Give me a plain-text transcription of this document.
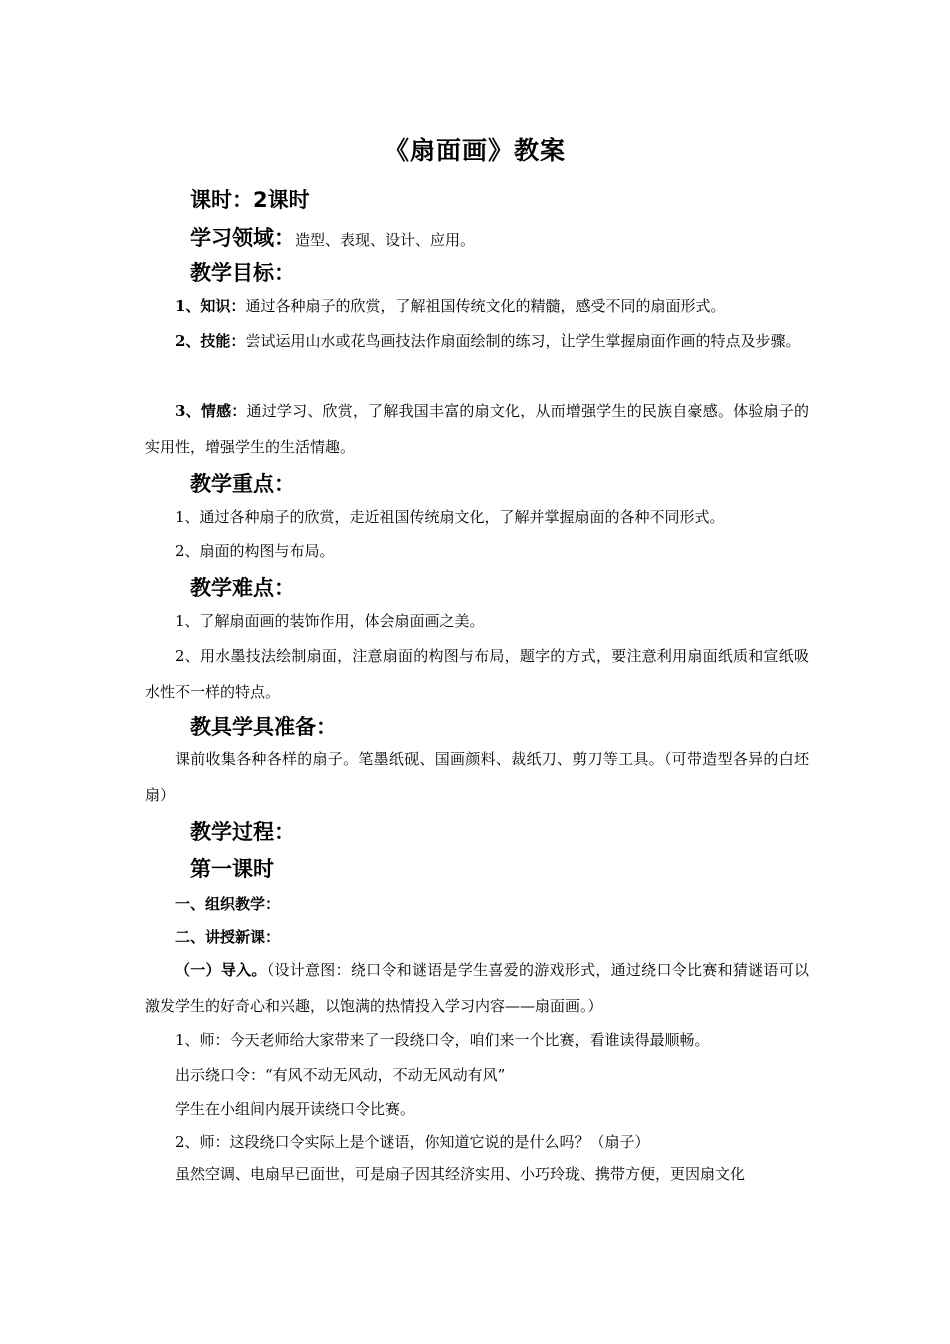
《扇面画》教案
课时：2课时
学习领域：造型、表现、设计、应用。
教学目标：
1、知识：通过各种扇子的欣赏，了解祖国传统文化的精髓，感受不同的扇面形式。
2、技能：尝试运用山水或花鸟画技法作扇面绘制的练习，让学生掌握扇面作画的特点及步骤。
3、情感：通过学习、欣赏，了解我国丰富的扇文化，从而增强学生的民族自豪感。体验扇子的实用性，增强学生的生活情趣。
教学重点：
1、通过各种扇子的欣赏，走近祖国传统扇文化，了解并掌握扇面的各种不同形式。
2、扇面的构图与布局。
教学难点：
1、了解扇面画的装饰作用，体会扇面画之美。
2、用水墨技法绘制扇面，注意扇面的构图与布局，题字的方式，要注意利用扇面纸质和宣纸吸水性不一样的特点。
教具学具准备：
课前收集各种各样的扇子。笔墨纸砚、国画颜料、裁纸刀、剪刀等工具。（可带造型各异的白坯扇）
教学过程：
第一课时
一、组织教学：
二、讲授新课：
（一）导入。（设计意图：绕口令和谜语是学生喜爱的游戏形式，通过绕口令比赛和猜谜语可以激发学生的好奇心和兴趣，以饱满的热情投入学习内容——扇面画。）
1、师：今天老师给大家带来了一段绕口令，咱们来一个比赛，看谁读得最顺畅。
出示绕口令：“有风不动无风动，不动无风动有风”
学生在小组间内展开读绕口令比赛。
2、师：这段绕口令实际上是个谜语，你知道它说的是什么吗？（扇子）
虽然空调、电扇早已面世，可是扇子因其经济实用、小巧玲珑、携带方便，更因扇文化
